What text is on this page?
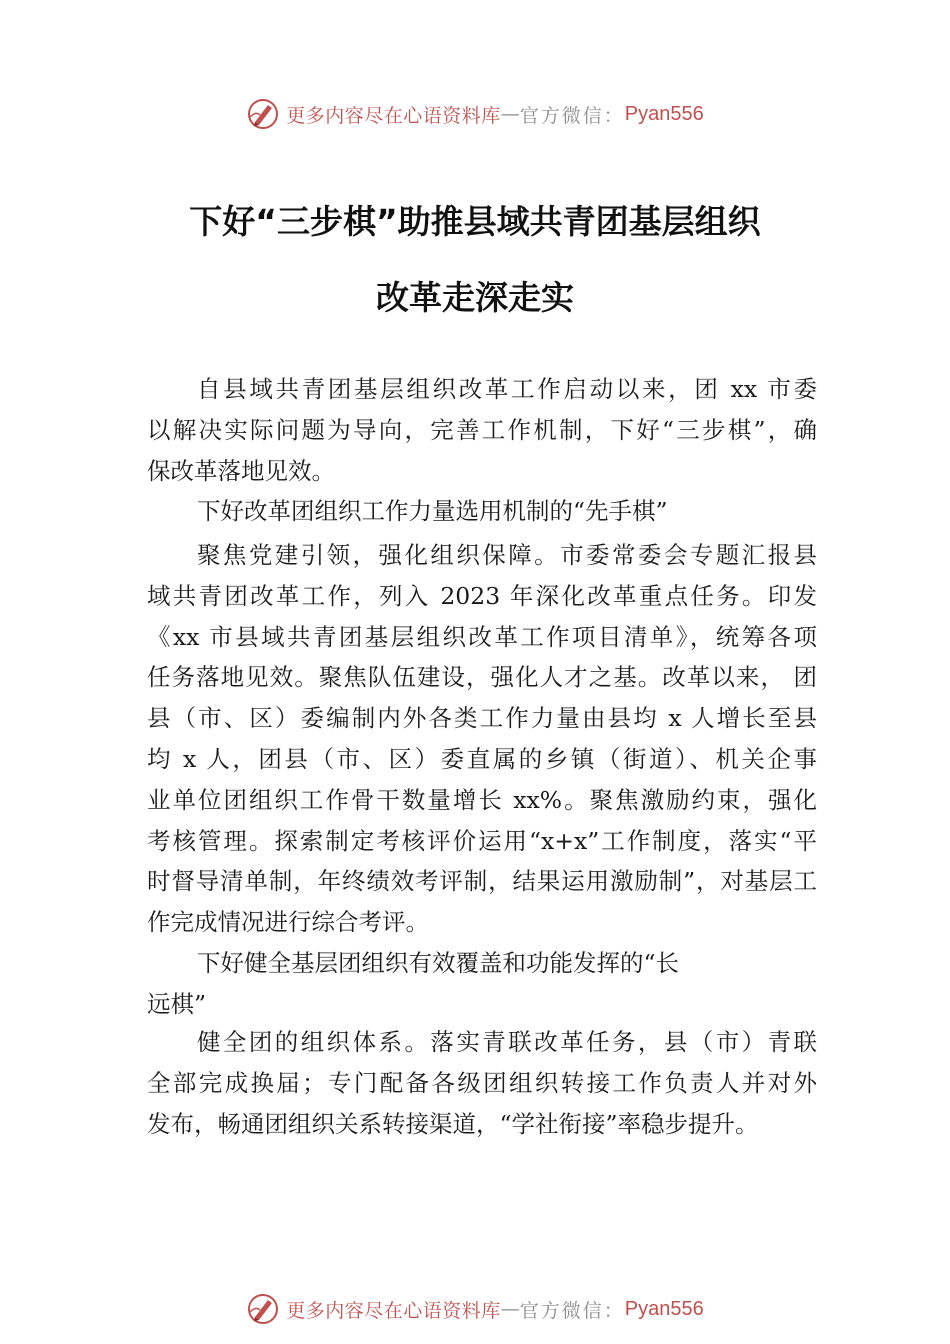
更多内容尽在心语资料库 — 官方微信： Pyan556
下好“三步棋”助推县域共青团基层组织
改革走深走实
自县域共青团基层组织改革工作启动以来，团 xx 市委
以解决实际问题为导向，完善工作机制，下好“三步棋”，确
保改革落地见效。
下好改革团组织工作力量选用机制的“先手棋”
聚焦党建引领，强化组织保障。市委常委会专题汇报县
域共青团改革工作，列入 2023 年深化改革重点任务。印发
《xx 市县域共青团基层组织改革工作项目清单》，统筹各项
任务落地见效。聚焦队伍建设，强化人才之基。改革以来， 团
县（市、区）委编制内外各类工作力量由县均 x 人增长至县
均 x 人，团县（市、区）委直属的乡镇（街道）、机关企事
业单位团组织工作骨干数量增长 xx%。聚焦激励约束，强化
考核管理。探索制定考核评价运用“x+x”工作制度，落实“平
时督导清单制，年终绩效考评制，结果运用激励制”，对基层工
作完成情况进行综合考评。
下好健全基层团组织有效覆盖和功能发挥的“长
远棋”
健全团的组织体系。落实青联改革任务，县（市）青联
全部完成换届；专门配备各级团组织转接工作负责人并对外
发布，畅通团组织关系转接渠道，“学社衔接”率稳步提升。
更多内容尽在心语资料库 — 官方微信： Pyan556
